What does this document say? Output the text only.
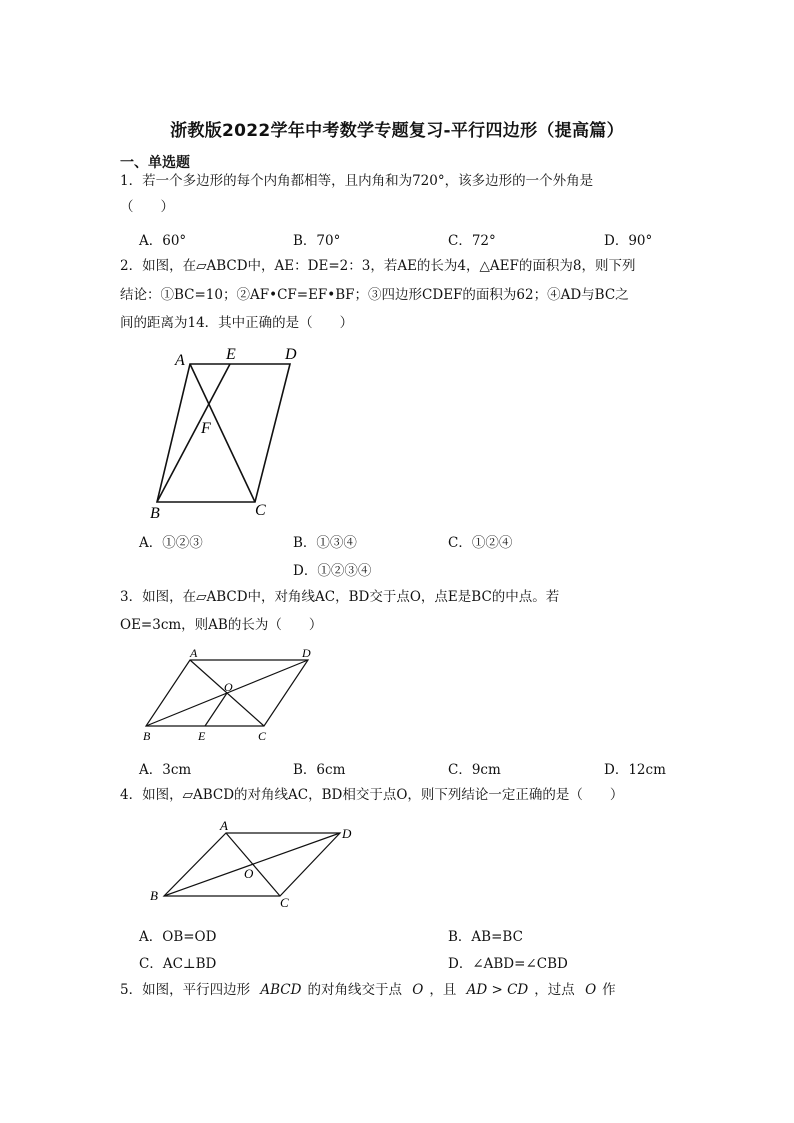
浙教版2022学年中考数学专题复习-平行四边形（提高篇）
一、单选题
1．若一个多边形的每个内角都相等，且内角和为720°，该多边形的一个外角是
（　　）
A．60°	B．70°	C．72°	D．90°
2．如图，在▱ABCD中，AE：DE=2：3，若AE的长为4，△AEF的面积为8，则下列
结论：①BC=10；②AF•CF=EF•BF；③四边形CDEF的面积为62；④AD与BC之
间的距离为14．其中正确的是（　　）
A	E	D
F
B	C
A．①②③	B．①③④	C．①②④
D．①②③④
3．如图，在▱ABCD中，对角线AC，BD交于点O，点E是BC的中点。若
OE=3cm，则AB的长为（　　）
A	D
O
B	E	C
A．3cm	B．6cm	C．9cm	D．12cm
4．如图，▱ABCD的对角线AC，BD相交于点O，则下列结论一定正确的是（　　）
A
D
O
B	C
A．OB=OD	B．AB=BC
C．AC⊥BD	D．∠ABD=∠CBD
5．如图，平行四边形 ABCD 的对角线交于点 O ，且 AD > CD ，过点 O 作
